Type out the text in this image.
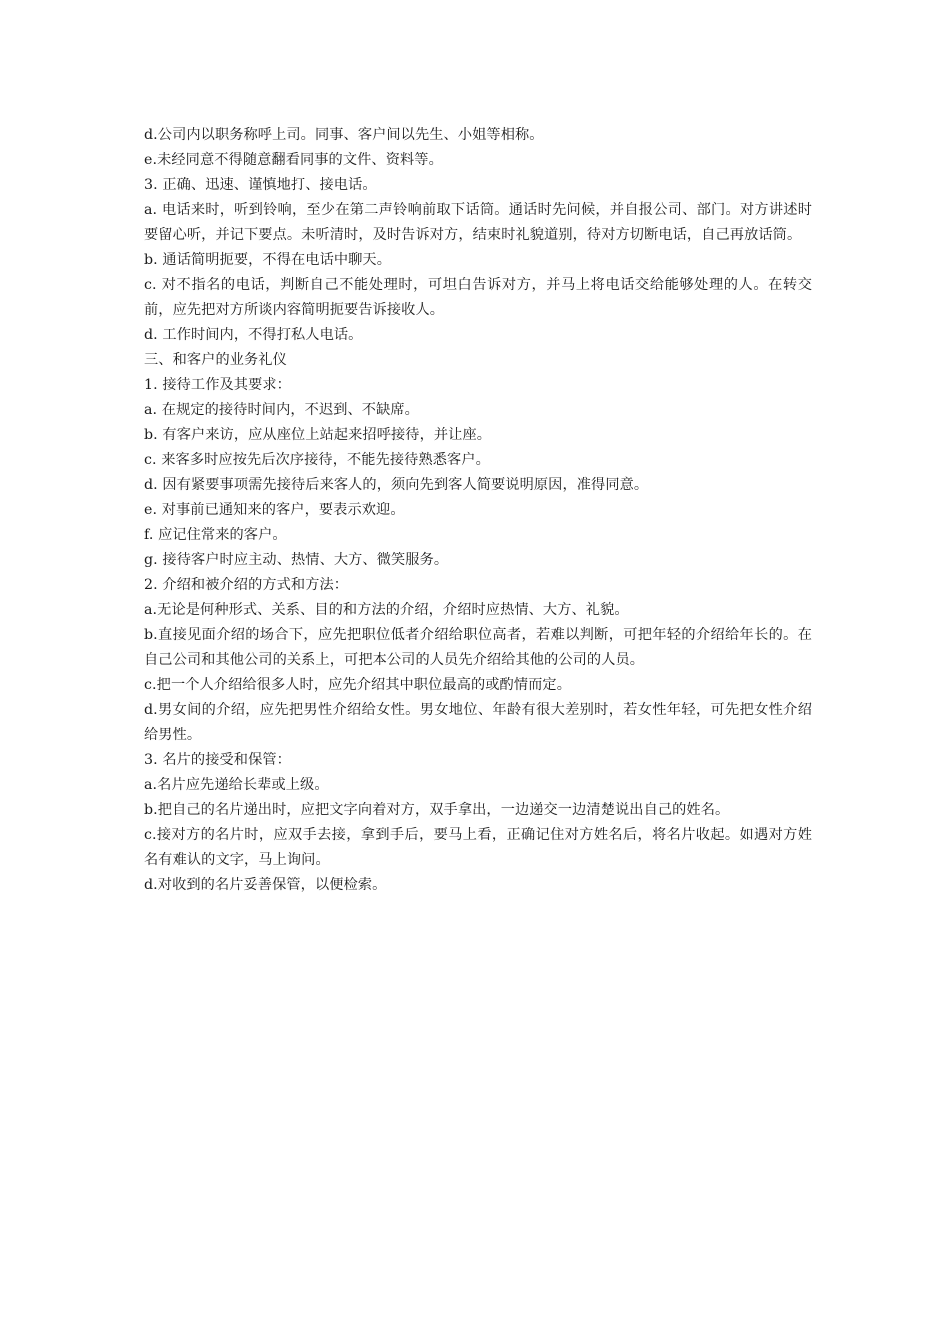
d.公司内以职务称呼上司。同事、客户间以先生、小姐等相称。

e.未经同意不得随意翻看同事的文件、资料等。

3. 正确、迅速、谨慎地打、接电话。

a. 电话来时，听到铃响，至少在第二声铃响前取下话筒。通话时先问候，并自报公司、部门。对方讲述时要留心听，并记下要点。未听清时，及时告诉对方，结束时礼貌道别，待对方切断电话，自己再放话筒。

b. 通话简明扼要，不得在电话中聊天。

c. 对不指名的电话，判断自己不能处理时，可坦白告诉对方，并马上将电话交给能够处理的人。在转交前，应先把对方所谈内容简明扼要告诉接收人。

d. 工作时间内，不得打私人电话。

三、和客户的业务礼仪

1. 接待工作及其要求：

a. 在规定的接待时间内，不迟到、不缺席。

b. 有客户来访，应从座位上站起来招呼接待，并让座。

c. 来客多时应按先后次序接待，不能先接待熟悉客户。

d. 因有紧要事项需先接待后来客人的，须向先到客人简要说明原因，准得同意。

e. 对事前已通知来的客户，要表示欢迎。

f. 应记住常来的客户。

g. 接待客户时应主动、热情、大方、微笑服务。

2. 介绍和被介绍的方式和方法：

a.无论是何种形式、关系、目的和方法的介绍，介绍时应热情、大方、礼貌。

b.直接见面介绍的场合下，应先把职位低者介绍给职位高者，若难以判断，可把年轻的介绍给年长的。在自己公司和其他公司的关系上，可把本公司的人员先介绍给其他的公司的人员。

c.把一个人介绍给很多人时，应先介绍其中职位最高的或酌情而定。

d.男女间的介绍，应先把男性介绍给女性。男女地位、年龄有很大差别时，若女性年轻，可先把女性介绍给男性。

3. 名片的接受和保管：

a.名片应先递给长辈或上级。

b.把自己的名片递出时，应把文字向着对方，双手拿出，一边递交一边清楚说出自己的姓名。

c.接对方的名片时，应双手去接，拿到手后，要马上看，正确记住对方姓名后，将名片收起。如遇对方姓名有难认的文字，马上询问。

d.对收到的名片妥善保管，以便检索。
